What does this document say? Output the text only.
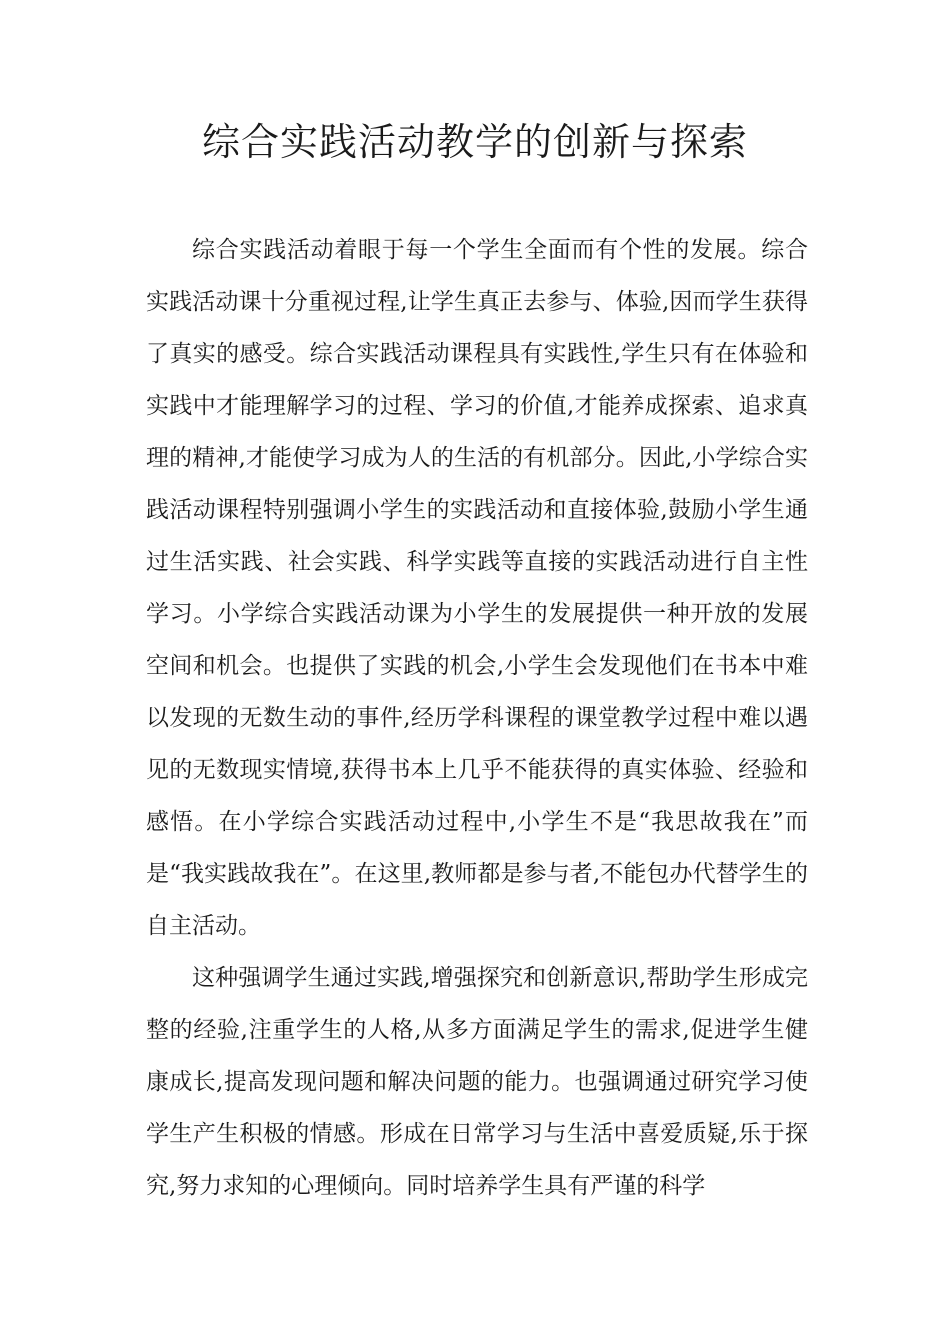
综合实践活动教学的创新与探索

综合实践活动着眼于每一个学生全面而有个性的发展。综合实践活动课十分重视过程,让学生真正去参与、体验,因而学生获得了真实的感受。综合实践活动课程具有实践性,学生只有在体验和实践中才能理解学习的过程、学习的价值,才能养成探索、追求真理的精神,才能使学习成为人的生活的有机部分。因此,小学综合实践活动课程特别强调小学生的实践活动和直接体验,鼓励小学生通过生活实践、社会实践、科学实践等直接的实践活动进行自主性学习。小学综合实践活动课为小学生的发展提供一种开放的发展空间和机会。也提供了实践的机会,小学生会发现他们在书本中难以发现的无数生动的事件,经历学科课程的课堂教学过程中难以遇见的无数现实情境,获得书本上几乎不能获得的真实体验、经验和感悟。在小学综合实践活动过程中,小学生不是“我思故我在”而是“我实践故我在”。在这里,教师都是参与者,不能包办代替学生的自主活动。

这种强调学生通过实践,增强探究和创新意识,帮助学生形成完整的经验,注重学生的人格,从多方面满足学生的需求,促进学生健康成长,提高发现问题和解决问题的能力。也强调通过研究学习使学生产生积极的情感。形成在日常学习与生活中喜爱质疑,乐于探究,努力求知的心理倾向。同时培养学生具有严谨的科学
